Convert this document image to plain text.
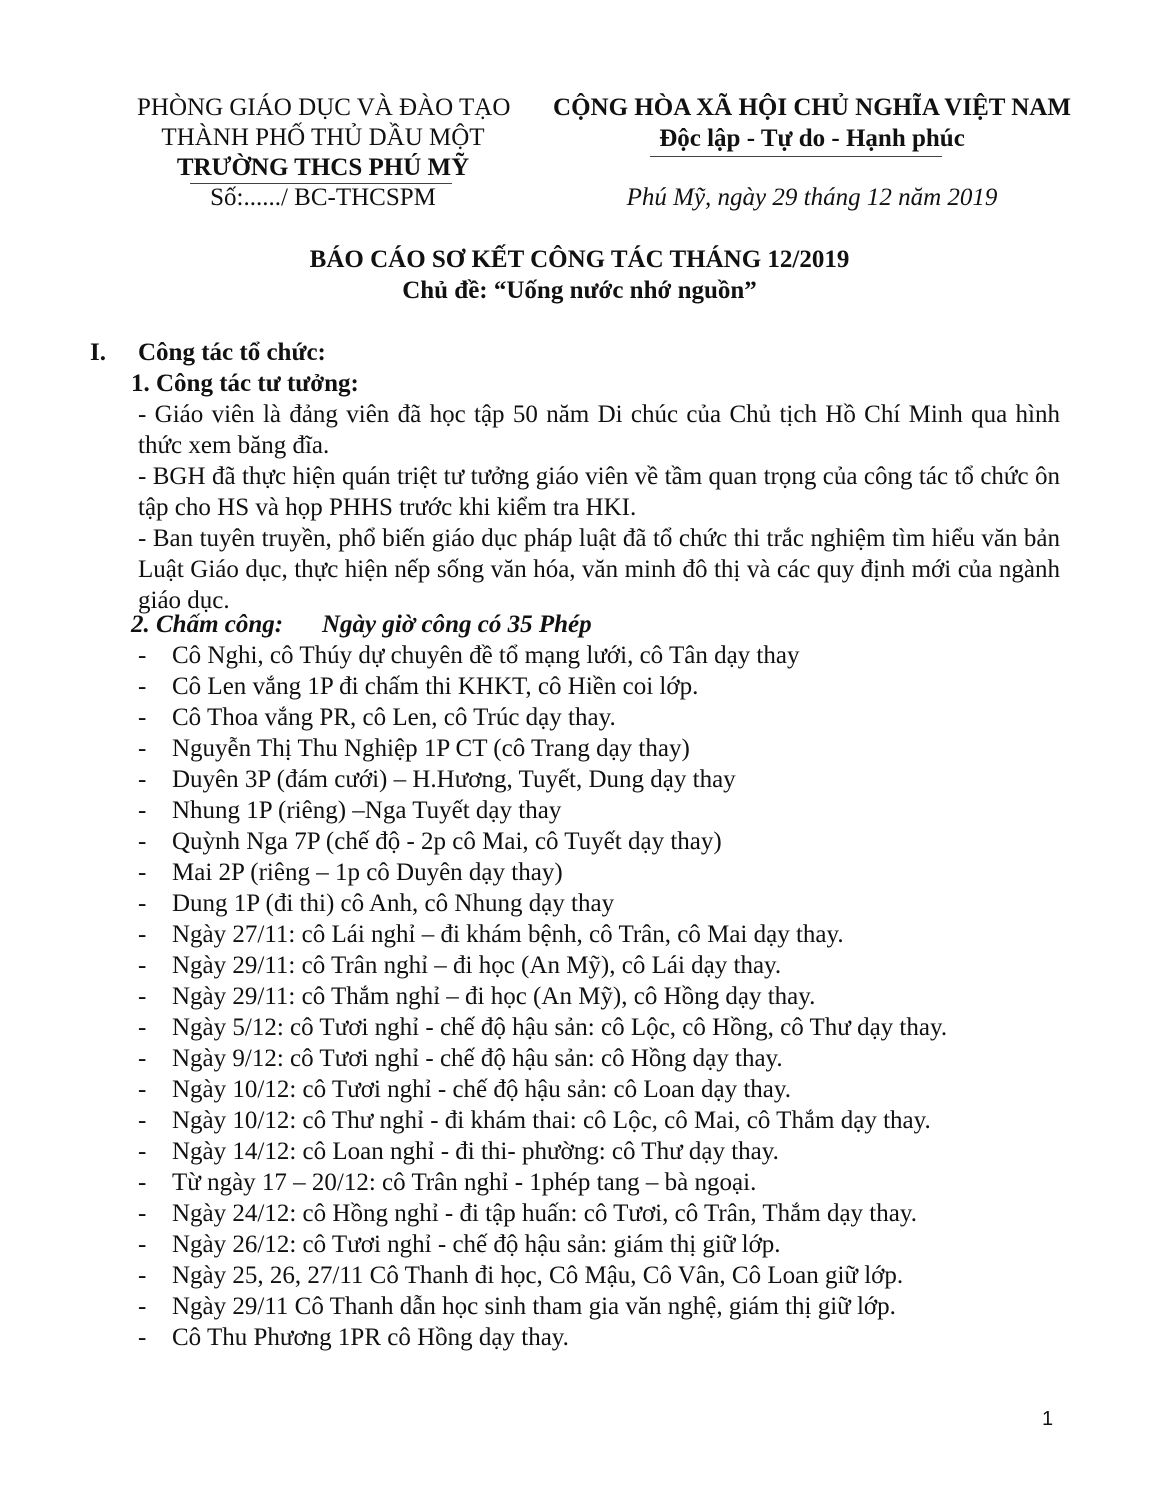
PHÒNG GIÁO DỤC VÀ ĐÀO TẠO
THÀNH PHỐ THỦ DẦU MỘT
TRƯỜNG THCS PHÚ MỸ
Số:....../ BC-THCSPM
CỘNG HÒA XÃ HỘI CHỦ NGHĨA VIỆT NAM
Độc lập - Tự do - Hạnh phúc
Phú Mỹ, ngày 29 tháng 12 năm 2019
BÁO CÁO SƠ KẾT CÔNG TÁC THÁNG 12/2019
Chủ đề: “Uống nước nhớ nguồn”
I. Công tác tổ chức:
1. Công tác tư tưởng:
- Giáo viên là đảng viên đã học tập 50 năm Di chúc của Chủ tịch Hồ Chí Minh qua hình thức xem băng đĩa.
- BGH đã thực hiện quán triệt tư tưởng giáo viên về tầm quan trọng của công tác tổ chức ôn tập cho HS và họp PHHS trước khi kiểm tra HKI.
- Ban tuyên truyền, phổ biến giáo dục pháp luật đã tổ chức thi trắc nghiệm tìm hiểu văn bản Luật Giáo dục, thực hiện nếp sống văn hóa, văn minh đô thị và các quy định mới của ngành giáo dục.
2. Chấm công: Ngày giờ công có 35 Phép
-	Cô Nghi, cô Thúy dự chuyên đề tổ mạng lưới, cô Tân dạy thay
-	Cô Len vắng 1P đi chấm thi KHKT, cô Hiền coi lớp.
-	Cô Thoa vắng PR, cô Len, cô Trúc dạy thay.
-	Nguyễn Thị Thu Nghiệp 1P CT (cô Trang dạy thay)
-	Duyên 3P (đám cưới) – H.Hương, Tuyết, Dung dạy thay
-	Nhung 1P (riêng) –Nga Tuyết dạy thay
-	Quỳnh Nga 7P (chế độ - 2p cô Mai, cô Tuyết dạy thay)
-	Mai 2P (riêng – 1p cô Duyên dạy thay)
-	Dung 1P (đi thi) cô Anh, cô Nhung dạy thay
-	Ngày 27/11: cô Lái nghỉ – đi khám bệnh, cô Trân, cô Mai dạy thay.
-	Ngày 29/11: cô Trân nghỉ – đi học (An Mỹ), cô Lái dạy thay.
-	Ngày 29/11: cô Thắm nghỉ – đi học (An Mỹ), cô Hồng dạy thay.
-	Ngày 5/12: cô Tươi nghỉ - chế độ hậu sản: cô Lộc, cô Hồng, cô Thư dạy thay.
-	Ngày 9/12: cô Tươi nghỉ - chế độ hậu sản: cô Hồng dạy thay.
-	Ngày 10/12: cô Tươi nghỉ - chế độ hậu sản: cô Loan dạy thay.
-	Ngày 10/12: cô Thư nghỉ - đi khám thai: cô Lộc, cô Mai, cô Thắm dạy thay.
-	Ngày 14/12: cô Loan nghỉ - đi thi- phường: cô Thư dạy thay.
-	Từ ngày 17 – 20/12: cô Trân nghỉ - 1phép tang – bà ngoại.
-	Ngày 24/12: cô Hồng nghỉ - đi tập huấn: cô Tươi, cô Trân, Thắm dạy thay.
-	Ngày 26/12: cô Tươi nghỉ - chế độ hậu sản: giám thị giữ lớp.
-	Ngày 25, 26, 27/11 Cô Thanh đi học, Cô Mậu, Cô Vân, Cô Loan giữ lớp.
-	Ngày 29/11 Cô Thanh dẫn học sinh tham gia văn nghệ, giám thị giữ lớp.
-	Cô Thu Phương 1PR cô Hồng dạy thay.
1
